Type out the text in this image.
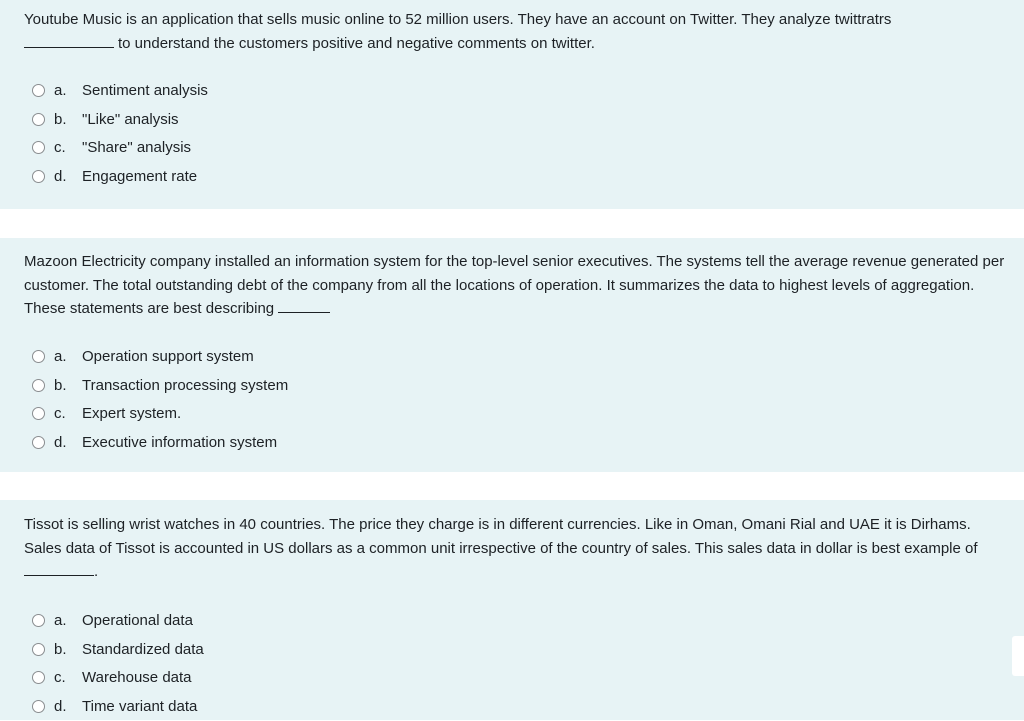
Youtube Music is an application that sells music online to 52 million users. They have an account on Twitter. They analyze twittratrs
to understand the customers positive and negative comments on twitter.

a.	Sentiment analysis
b.	"Like" analysis
c.	"Share" analysis
d.	Engagement rate

Mazoon Electricity company installed an information system for the top-level senior executives. The systems tell the average revenue generated per customer. The total outstanding debt of the company from all the locations of operation. It summarizes the data to highest levels of aggregation. These statements are best describing

a.	Operation support system
b.	Transaction processing system
c.	Expert system.
d.	Executive information system

Tissot is selling wrist watches in 40 countries. The price they charge is in different currencies. Like in Oman, Omani Rial and UAE it is Dirhams. Sales data of Tissot is accounted in US dollars as a common unit irrespective of the country of sales. This sales data in dollar is best example of .

a.	Operational data
b.	Standardized data
c.	Warehouse data
d.	Time variant data
